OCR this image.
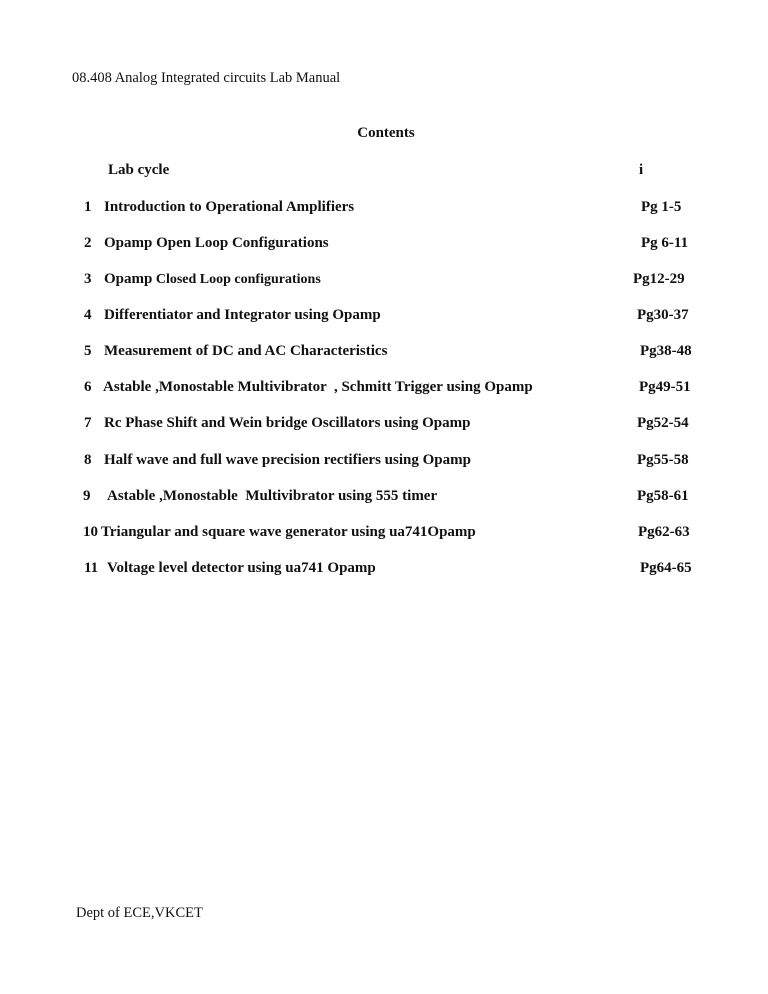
08.408 Analog Integrated circuits Lab Manual
Contents
Lab cycle	i
1 Introduction to Operational Amplifiers	Pg 1-5
2 Opamp Open Loop Configurations	Pg 6-11
3 Opamp Closed Loop configurations	Pg12-29
4 Differentiator and Integrator using Opamp	Pg30-37
5 Measurement of DC and AC Characteristics	Pg38-48
6 Astable ,Monostable Multivibrator  , Schmitt Trigger using Opamp	Pg49-51
7 Rc Phase Shift and Wein bridge Oscillators using Opamp	Pg52-54
8 Half wave and full wave precision rectifiers using Opamp	Pg55-58
9 Astable ,Monostable  Multivibrator using 555 timer	Pg58-61
10 Triangular and square wave generator using ua741Opamp	Pg62-63
11 Voltage level detector using ua741 Opamp	Pg64-65
Dept of ECE,VKCET
